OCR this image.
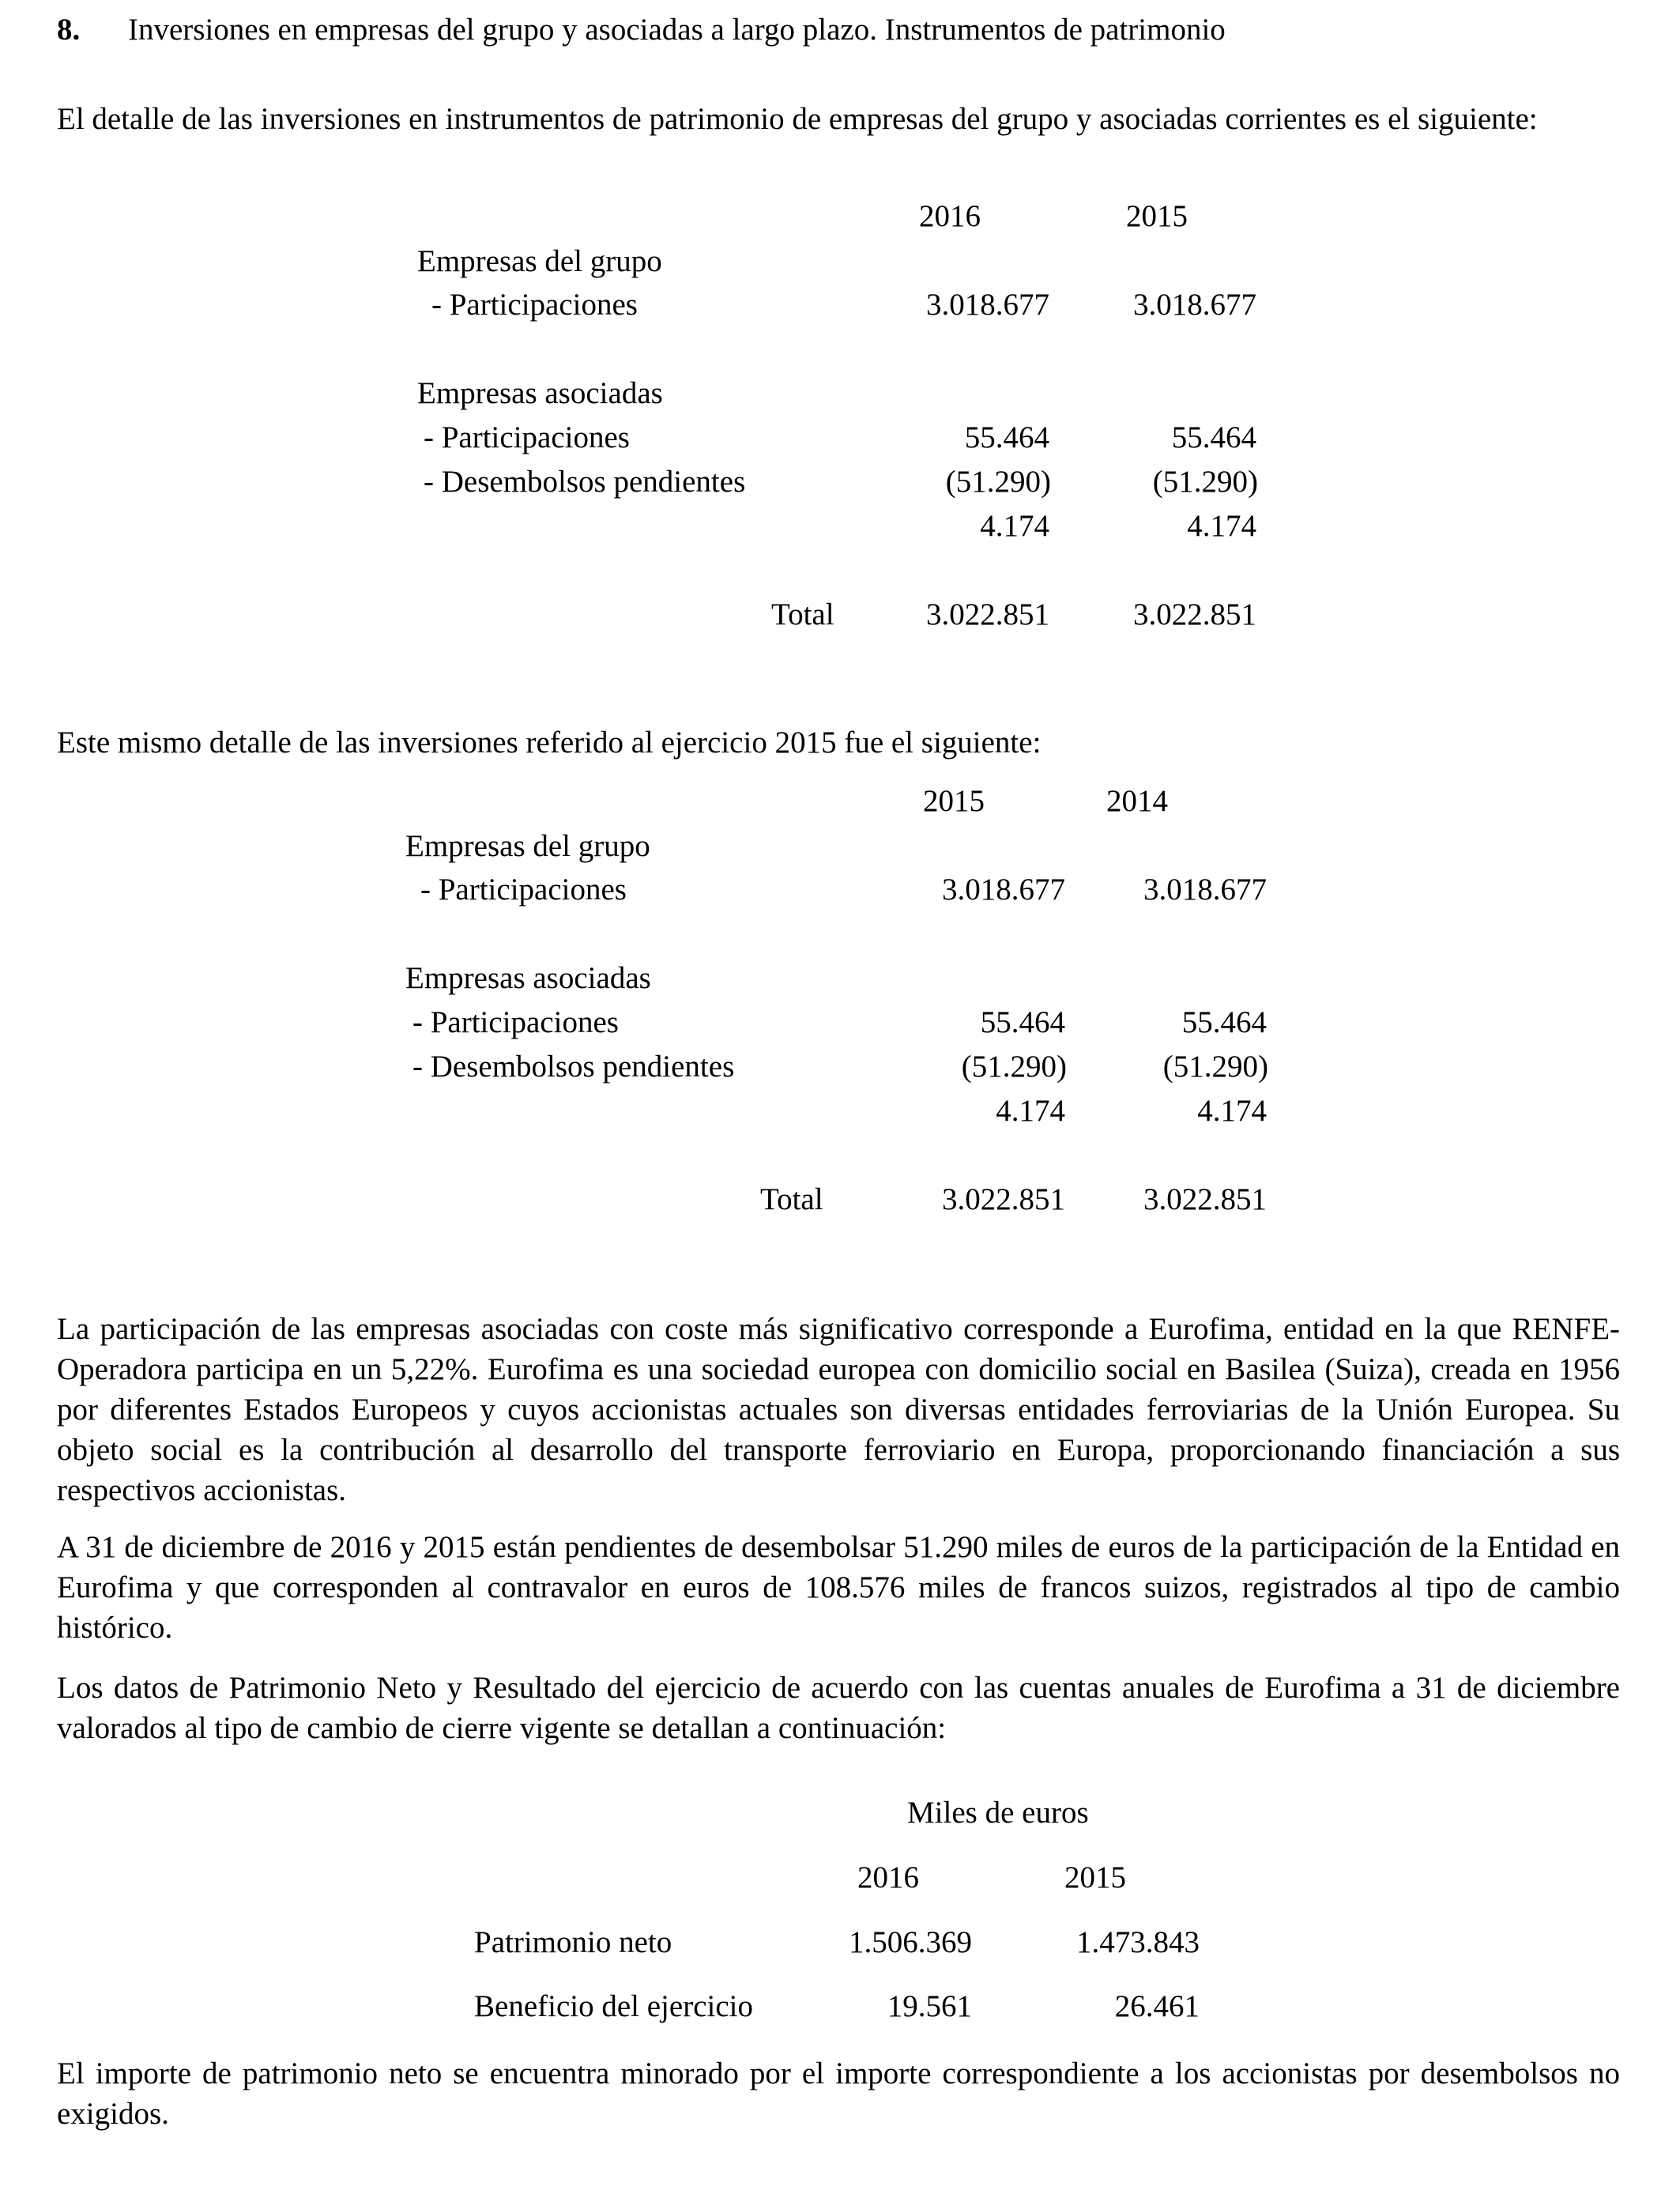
8. Inversiones en empresas del grupo y asociadas a largo plazo. Instrumentos de patrimonio
El detalle de las inversiones en instrumentos de patrimonio de empresas del grupo y asociadas corrientes es el siguiente:
2016	2015
Empresas del grupo
- Participaciones	3.018.677	3.018.677
Empresas asociadas
- Participaciones	55.464	55.464
- Desembolsos pendientes	(51.290)	(51.290)
4.174	4.174
Total	3.022.851	3.022.851
Este mismo detalle de las inversiones referido al ejercicio 2015 fue el siguiente:
2015	2014
Empresas del grupo
- Participaciones	3.018.677	3.018.677
Empresas asociadas
- Participaciones	55.464	55.464
- Desembolsos pendientes	(51.290)	(51.290)
4.174	4.174
Total	3.022.851	3.022.851
La participación de las empresas asociadas con coste más significativo corresponde a Eurofima, entidad en la que RENFE-Operadora participa en un 5,22%. Eurofima es una sociedad europea con domicilio social en Basilea (Suiza), creada en 1956 por diferentes Estados Europeos y cuyos accionistas actuales son diversas entidades ferroviarias de la Unión Europea. Su objeto social es la contribución al desarrollo del transporte ferroviario en Europa, proporcionando financiación a sus respectivos accionistas.
A 31 de diciembre de 2016 y 2015 están pendientes de desembolsar 51.290 miles de euros de la participación de la Entidad en Eurofima y que corresponden al contravalor en euros de 108.576 miles de francos suizos, registrados al tipo de cambio histórico.
Los datos de Patrimonio Neto y Resultado del ejercicio de acuerdo con las cuentas anuales de Eurofima a 31 de diciembre valorados al tipo de cambio de cierre vigente se detallan a continuación:
Miles de euros
2016	2015
Patrimonio neto	1.506.369	1.473.843
Beneficio del ejercicio	19.561	26.461
El importe de patrimonio neto se encuentra minorado por el importe correspondiente a los accionistas por desembolsos no exigidos.
